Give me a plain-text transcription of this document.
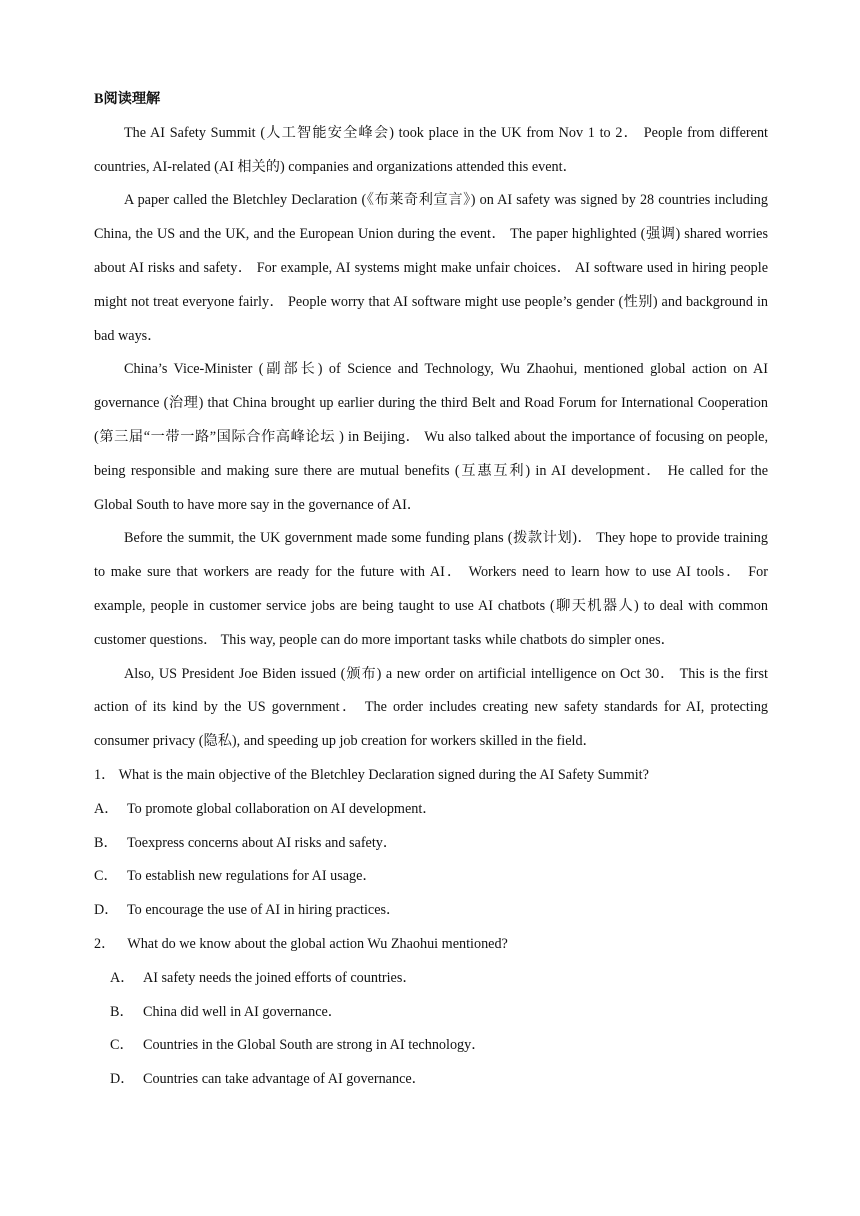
B阅读理解

The AI Safety Summit (人工智能安全峰会) took place in the UK from Nov 1 to 2． People from different countries, AI-related (AI 相关的) companies and organizations attended this event．

A paper called the Bletchley Declaration (《布莱奇利宣言》) on AI safety was signed by 28 countries including China, the US and the UK, and the European Union during the event． The paper highlighted (强调) shared worries about AI risks and safety． For example, AI systems might make unfair choices． AI software used in hiring people might not treat everyone fairly． People worry that AI software might use people’s gender (性别) and background in bad ways．

China’s Vice-Minister (副部长) of Science and Technology, Wu Zhaohui, mentioned global action on AI governance (治理) that China brought up earlier during the third Belt and Road Forum for International Cooperation (第三届“一带一路”国际合作高峰论坛 ) in Beijing． Wu also talked about the importance of focusing on people, being responsible and making sure there are mutual benefits (互惠互利) in AI development． He called for the Global South to have more say in the governance of AI．

Before the summit, the UK government made some funding plans (拨款计划)． They hope to provide training to make sure that workers are ready for the future with AI． Workers need to learn how to use AI tools． For example, people in customer service jobs are being taught to use AI chatbots (聊天机器人) to deal with common customer questions． This way, people can do more important tasks while chatbots do simpler ones．

Also, US President Joe Biden issued (颁布) a new order on artificial intelligence on Oct 30． This is the first action of its kind by the US government． The order includes creating new safety standards for AI, protecting consumer privacy (隐私), and speeding up job creation for workers skilled in the field．

1． What is the main objective of the Bletchley Declaration signed during the AI Safety Summit?

A． To promote global collaboration on AI development．

B． Toexpress concerns about AI risks and safety．

C． To establish new regulations for AI usage．

D． To encourage the use of AI in hiring practices．

2． What do we know about the global action Wu Zhaohui mentioned?

A． AI safety needs the joined efforts of countries．

B． China did well in AI governance．

C． Countries in the Global South are strong in AI technology．

D． Countries can take advantage of AI governance．
